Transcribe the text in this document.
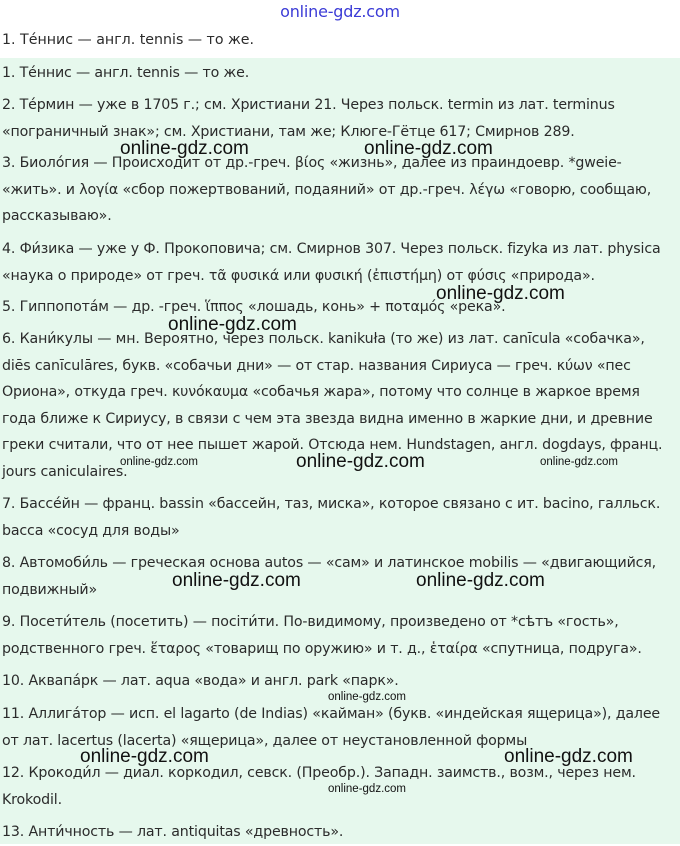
online-gdz.com
1. Те́ннис — англ. tennis — то же.
1. Те́ннис — англ. tennis — то же.
2. Те́рмин — уже в 1705 г.; см. Христиани 21. Через польск. termin из лат. terminus
«пограничный знак»; см. Христиани, там же; Клюге-Гётце 617; Смирнов 289.
3. Биоло́гия — Происходит от др.-греч. βίος «жизнь», далее из праиндоевр. *gweie-
«жить». и λογία «сбор пожертвований, подаяний» от др.-греч. λέγω «говорю, сообщаю,
рассказываю».
4. Фи́зика — уже у Ф. Прокоповича; см. Смирнов 307. Через польск. fizyka из лат. physica
«наука о природе» от греч. τᾶ φυσικά или φυσική (ἐπιστήμη) от φύσις «природа».
5. Гиппопота́м — др. -греч. ἵππος «лошадь, конь» + ποταμός «река».
6. Кани́кулы — мн. Вероятно, через польск. kanikułа (то же) из лат. canīcula «собачка»,
diēs canīculāres, букв. «собачьи дни» — от стар. названия Сириуса — греч. κύων «пес
Ориона», откуда греч. κυνόκαυμα «собачья жара», потому что солнце в жаркое время
года ближе к Сириусу, в связи с чем эта звезда видна именно в жаркие дни, и древние
греки считали, что от нее пышет жарой. Отсюда нем. Hundstagen, англ. dogdays, франц.
jours caniculaires.
7. Бассе́йн — франц. bassin «бассейн, таз, миска», которое связано с ит. bacino, галльск.
bacca «сосуд для воды»
8. Автомоби́ль — греческая основа autos — «сам» и латинское mobilis — «двигающийся,
подвижный»
9. Посети́тель (посетить) — посіти́ти. По-видимому, произведено от *сѣтъ «гость»,
родственного греч. ἕταρος «товарищ по оружию» и т. д., ἑταίρα «спутница, подруга».
10. Аквапа́рк — лат. aqua «вода» и англ. park «парк».
11. Аллига́тор — исп. el lagarto (de Indias) «кайман» (букв. «индейская ящерица»), далее
от лат. lacertus (lacerta) «ящерица», далее от неустановленной формы
12. Крокоди́л — диал. коркодил, севск. (Преобр.). Западн. заимств., возм., через нем.
Krokodil.
13. Анти́чность — лат. antiquitas «древность».
online-gdz.com	online-gdz.com
online-gdz.com
online-gdz.com
online-gdz.com	online-gdz.com	online-gdz.com
online-gdz.com	online-gdz.com
online-gdz.com
online-gdz.com	online-gdz.com
online-gdz.com
